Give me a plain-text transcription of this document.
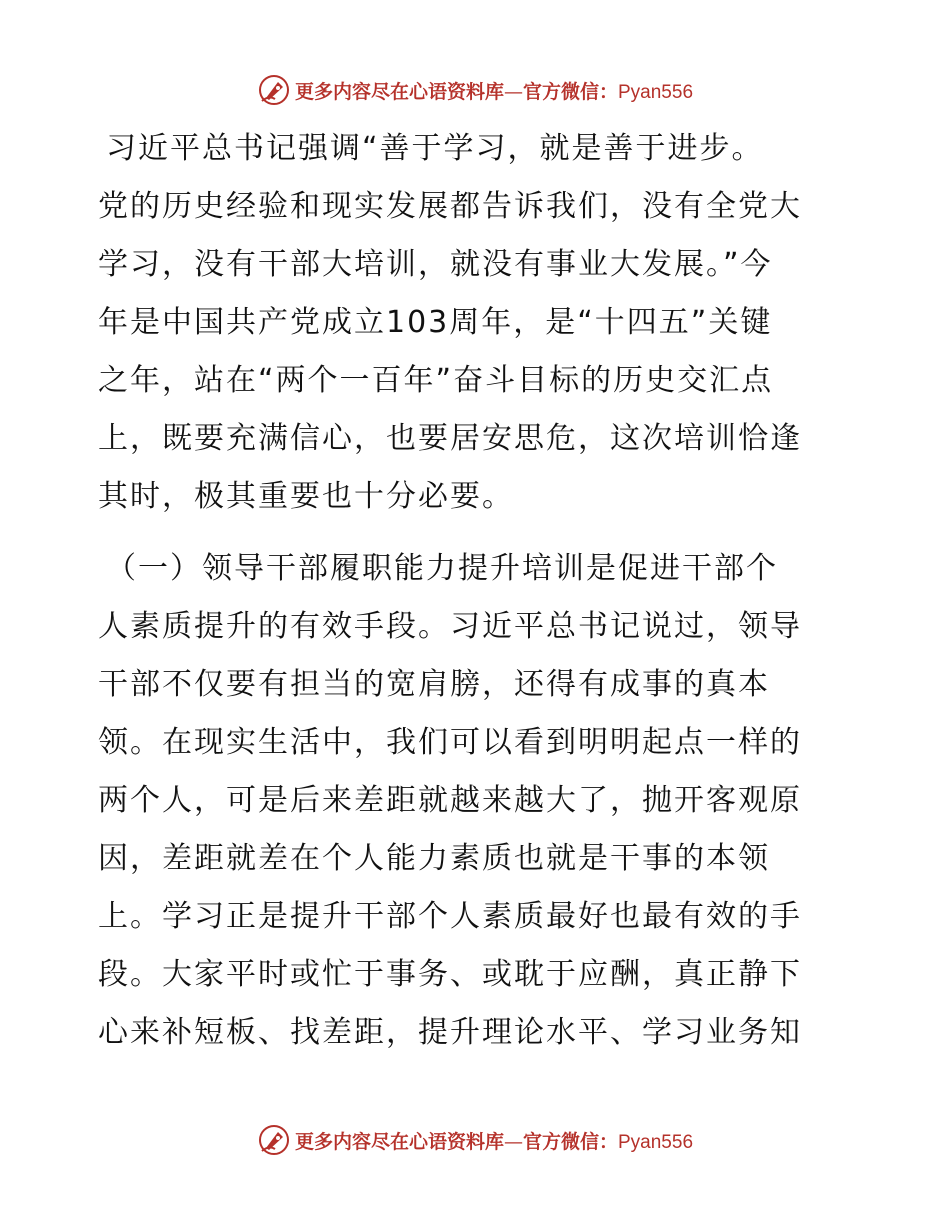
更多内容尽在心语资料库—官方微信：Pyan556
习近平总书记强调“善于学习，就是善于进步。
党的历史经验和现实发展都告诉我们，没有全党大
学习，没有干部大培训，就没有事业大发展。”今
年是中国共产党成立103周年，是“十四五”关键
之年，站在“两个一百年”奋斗目标的历史交汇点
上，既要充满信心，也要居安思危，这次培训恰逢
其时，极其重要也十分必要。
（一）领导干部履职能力提升培训是促进干部个
人素质提升的有效手段。习近平总书记说过，领导
干部不仅要有担当的宽肩膀，还得有成事的真本
领。在现实生活中，我们可以看到明明起点一样的
两个人，可是后来差距就越来越大了，抛开客观原
因，差距就差在个人能力素质也就是干事的本领
上。学习正是提升干部个人素质最好也最有效的手
段。大家平时或忙于事务、或耽于应酬，真正静下
心来补短板、找差距，提升理论水平、学习业务知
更多内容尽在心语资料库—官方微信：Pyan556
